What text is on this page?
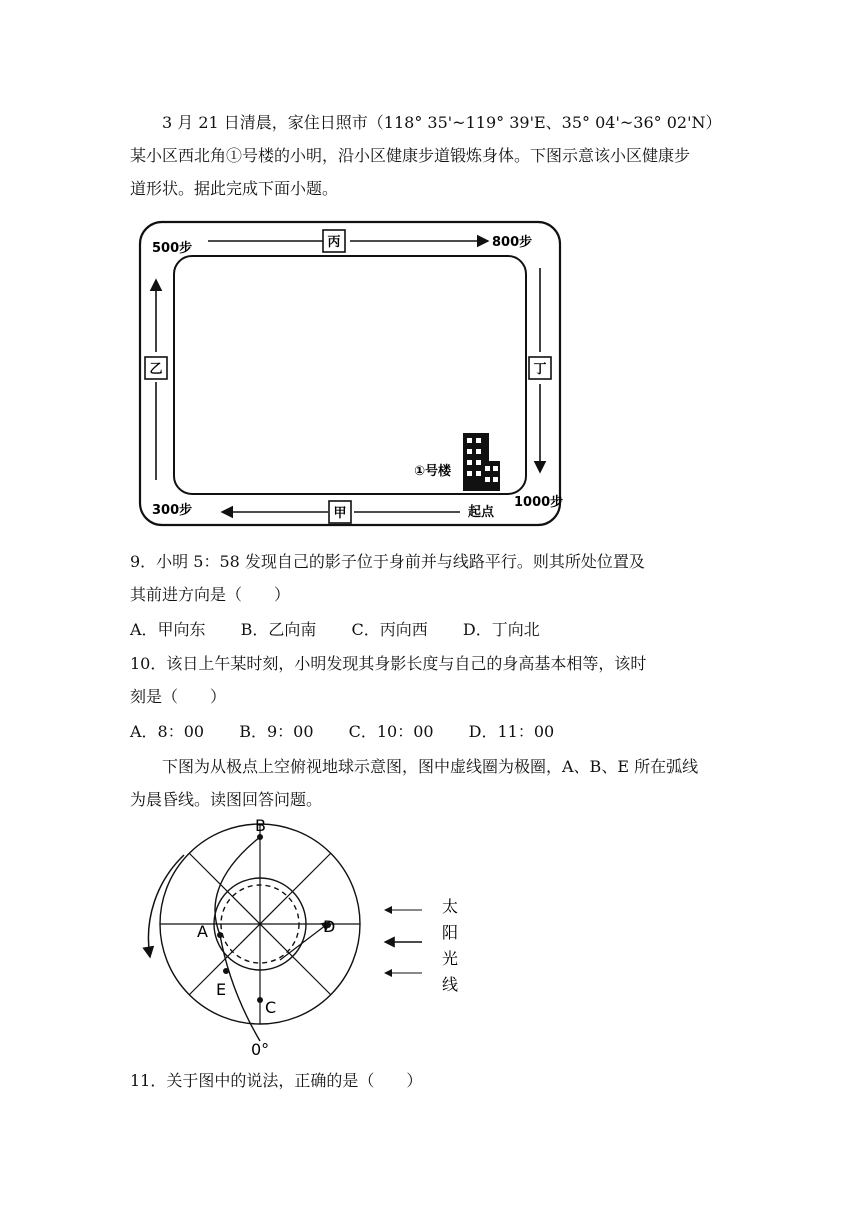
3 月 21 日清晨，家住日照市（118° 35'~119° 39'E、35° 04'~36° 02'N）
某小区西北角①号楼的小明，沿小区健康步道锻炼身体。下图示意该小区健康步
道形状。据此完成下面小题。
500步	800步
300步
1000步
丙
乙	丁
甲
①号楼
起点
9．小明 5：58 发现自己的影子位于身前并与线路平行。则其所处位置及
其前进方向是（　　）
A．甲向东 B．乙向南 C．丙向西 D．丁向北
10．该日上午某时刻，小明发现其身影长度与自己的身高基本相等，该时
刻是（　　）
A．8：00 B．9：00 C．10：00 D．11：00
下图为从极点上空俯视地球示意图，图中虚线圈为极圈，A、B、E 所在弧线
为晨昏线。读图回答问题。
B
A	D
E
C
0°
太
阳
光
线
11．关于图中的说法，正确的是（　　）
